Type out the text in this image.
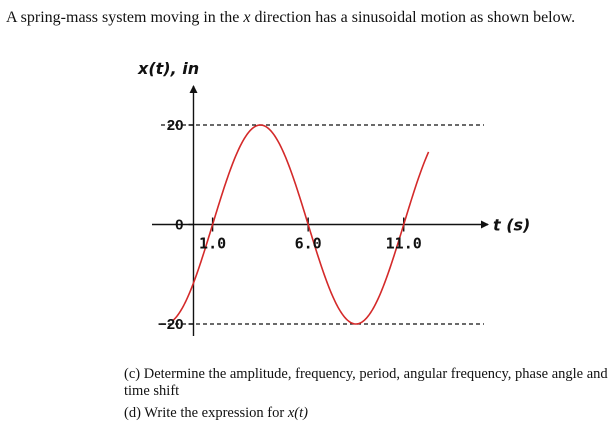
A spring-mass system moving in the x direction has a sinusoidal motion as shown below.
20
0
−20
1.0	6.0	11.0
x(t), in
t (s)
(c) Determine the amplitude, frequency, period, angular frequency, phase angle and time shift
(d) Write the expression for x(t)
